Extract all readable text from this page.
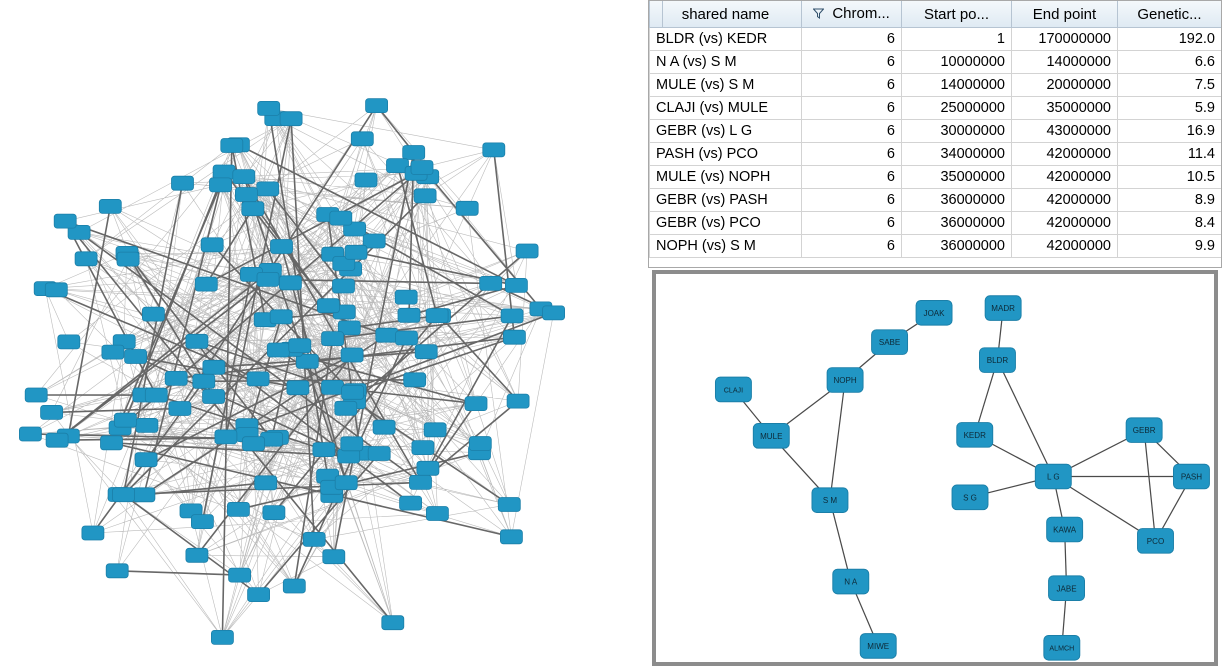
shared name	Chrom...	Start po...	End point	Genetic...
BLDR (vs) KEDR	6	1	170000000	192.0
N A (vs) S M	6	10000000	14000000	6.6
MULE (vs) S M	6	14000000	20000000	7.5
CLAJI (vs) MULE	6	25000000	35000000	5.9
GEBR (vs) L G	6	30000000	43000000	16.9
PASH (vs) PCO	6	34000000	42000000	11.4
MULE (vs) NOPH	6	35000000	42000000	10.5
GEBR (vs) PASH	6	36000000	42000000	8.9
GEBR (vs) PCO	6	36000000	42000000	8.4
NOPH (vs) S M	6	36000000	42000000	9.9
CLAJI
MULE
NOPH
SABE
JOAK
S M
N A
MIWE
MADR
BLDR
KEDR
S G
L G
GEBR
PASH
PCO
KAWA
JABE
ALMCH
